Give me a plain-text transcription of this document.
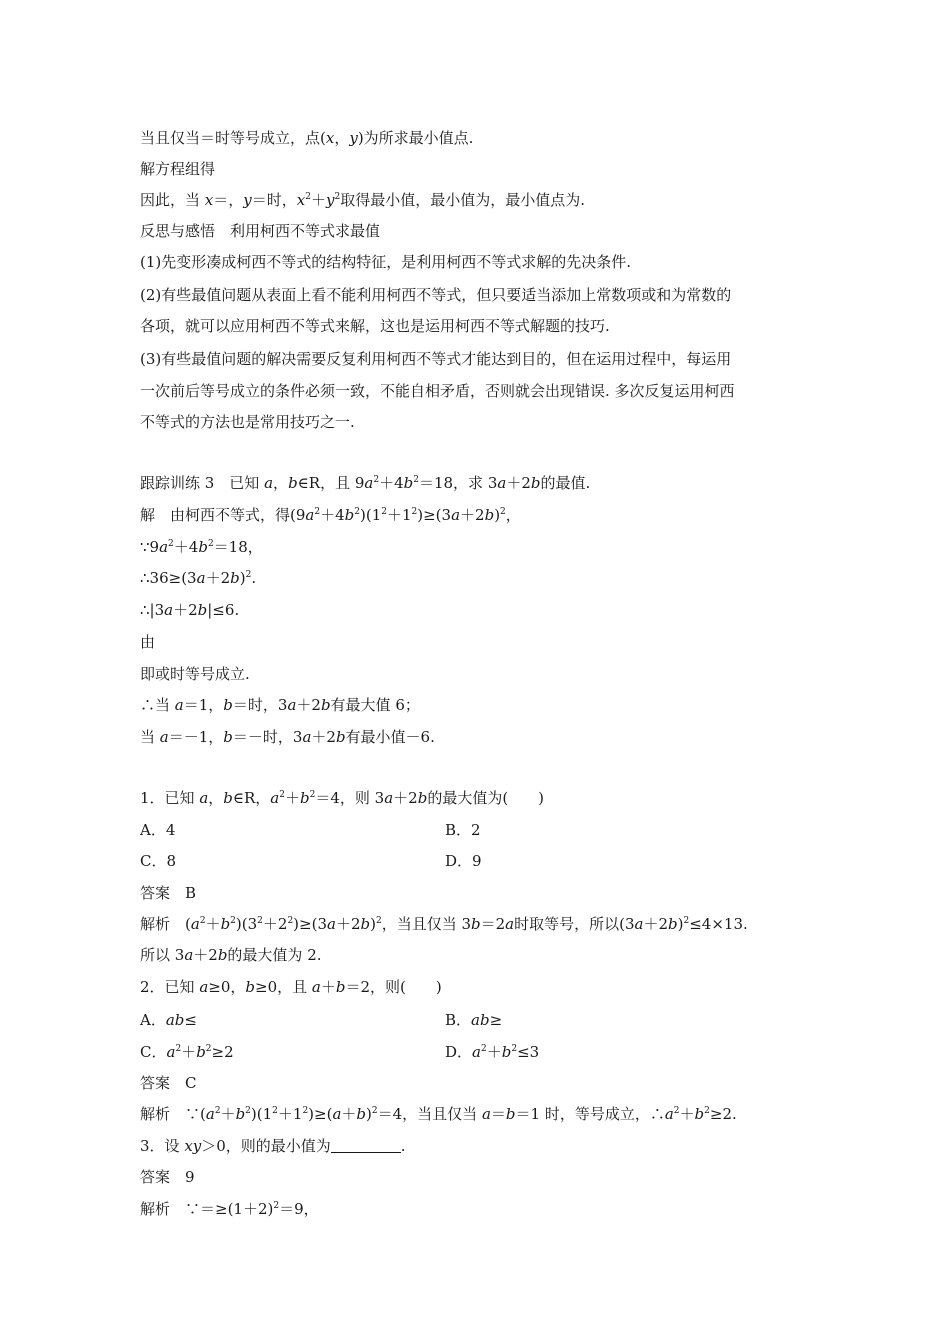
当且仅当＝时等号成立，点(x，y)为所求最小值点.
解方程组得
因此，当 x＝，y＝时，$x^2+y^2$取得最小值，最小值为，最小值点为.
反思与感悟　利用柯西不等式求最值
(1)先变形凑成柯西不等式的结构特征，是利用柯西不等式求解的先决条件.
(2)有些最值问题从表面上看不能利用柯西不等式，但只要适当添加上常数项或和为常数的
各项，就可以应用柯西不等式来解，这也是运用柯西不等式解题的技巧.
(3)有些最值问题的解决需要反复利用柯西不等式才能达到目的，但在运用过程中，每运用
一次前后等号成立的条件必须一致，不能自相矛盾，否则就会出现错误. 多次反复运用柯西
不等式的方法也是常用技巧之一.
跟踪训练 3　已知 a，b∈R，且 $9a^2+4b^2=18$，求 3a＋2b的最值.
解　由柯西不等式，得$(9a^2+4b^2)(1^2+1^2)\ge(3a+2b)^2$，
$\because 9a^2+4b^2=18$，
$\therefore 36\ge(3a+2b)^2$.
∴|3a＋2b|≤6.
由
即或时等号成立.
∴当 a＝1，b＝时，3a＋2b有最大值 6；
当 a＝－1，b＝－时，3a＋2b有最小值－6.
1．已知 a，b∈R，$a^2+b^2=4$，则 3a＋2b的最大值为(　　)
A．4	B．2
C．8	D．9
答案　B
解析　$(a^2+b^2)(3^2+2^2)\ge(3a+2b)^2$，当且仅当 3b＝2a时取等号，所以$(3a+2b)^2\le 4\times 13$.
所以 3a＋2b的最大值为 2.
2．已知 a≥0，b≥0，且 a＋b＝2，则(　　)
A．ab≤	B．ab≥
C．$a^2+b^2\ge 2$	D．$a^2+b^2\le 3$
答案　C
解析　$\because(a^2+b^2)(1^2+1^2)\ge(a+b)^2=4$，当且仅当 a＝b＝1 时，等号成立，$\therefore a^2+b^2\ge 2$.
3．设 xy＞0，则的最小值为	.
答案　9
解析　$\because=\ge(1+2)^2=9$，
